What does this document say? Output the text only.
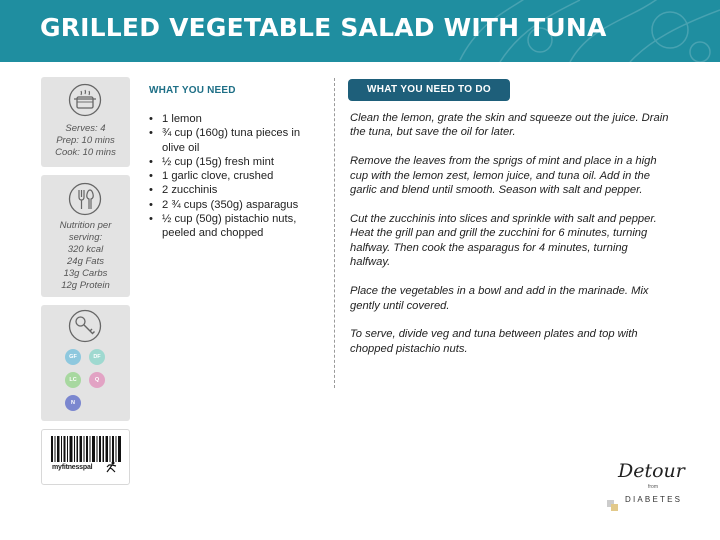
GRILLED VEGETABLE SALAD WITH TUNA
Serves: 4
Prep: 10 mins
Cook: 10 mins
Nutrition per
serving:
320 kcal
24g Fats
13g Carbs
12g Protein
GF	DF
LC	Q
N
myfitnesspal
WHAT YOU NEED
• 1 lemon
• ¾ cup (160g) tuna pieces in olive oil
• ½ cup (15g) fresh mint
• 1 garlic clove, crushed
• 2 zucchinis
• 2 ¾ cups (350g) asparagus
• ½ cup (50g) pistachio nuts, peeled and chopped
WHAT YOU NEED TO DO

Clean the lemon, grate the skin and squeeze out the juice. Drain the tuna, but save the oil for later.

Remove the leaves from the sprigs of mint and place in a high cup with the lemon zest, lemon juice, and tuna oil. Add in the garlic and blend until smooth. Season with salt and pepper.

Cut the zucchinis into slices and sprinkle with salt and pepper. Heat the grill pan and grill the zucchini for 6 minutes, turning halfway. Then cook the asparagus for 4 minutes, turning halfway.

Place the vegetables in a bowl and add in the marinade. Mix gently until covered.

To serve, divide veg and tuna between plates and top with chopped pistachio nuts.

Detour
from
DIABETES
